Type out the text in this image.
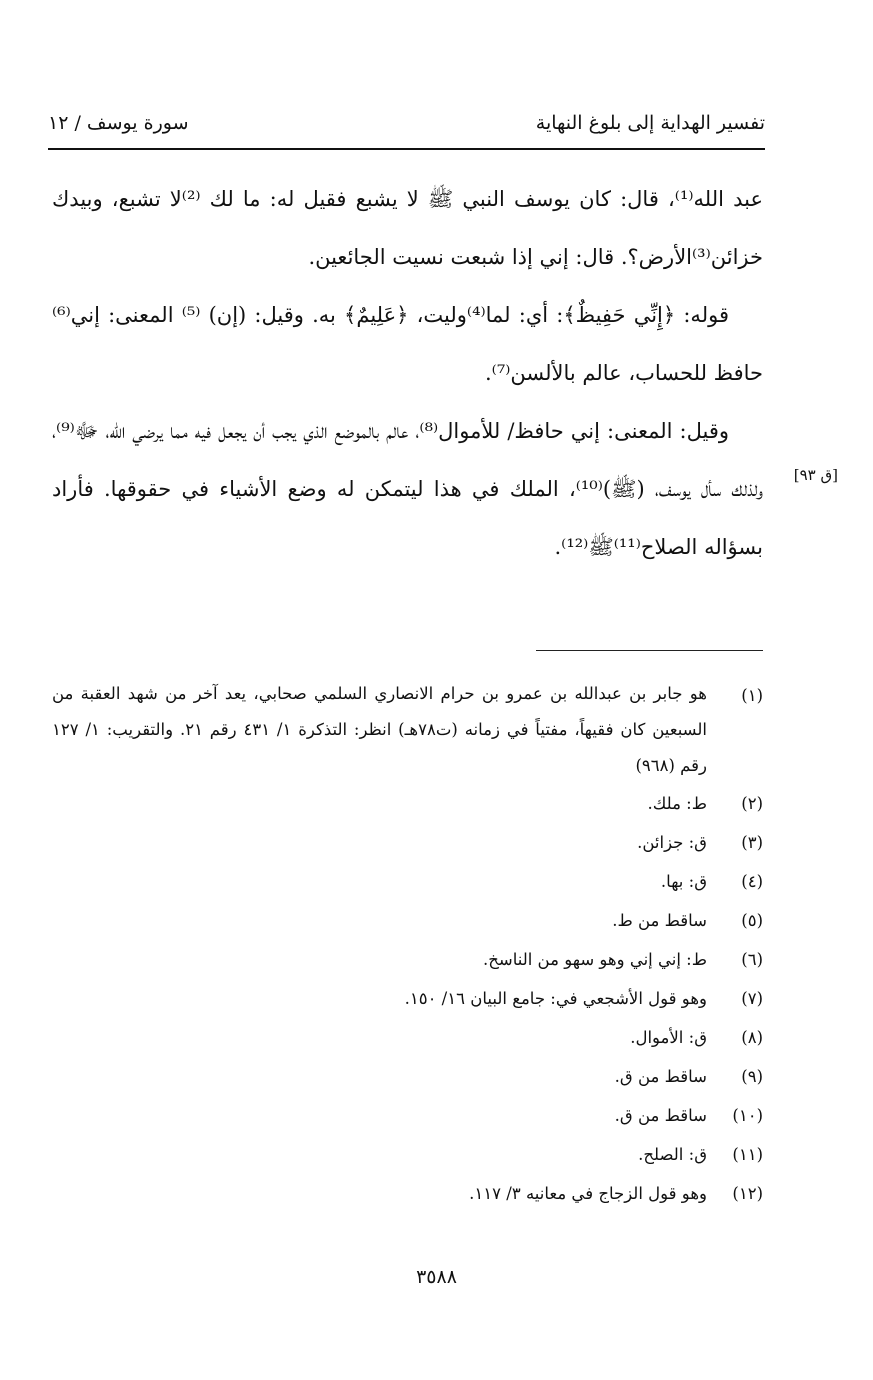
تفسير الهداية إلى بلوغ النهاية
سورة يوسف / ١٢

عبد الله⁽¹⁾، قال: كان يوسف النبي ﷺ لا يشبع فقيل له: ما لك ⁽²⁾لا تشبع، وبيدك خزائن⁽³⁾الأرض؟. قال: إني إذا شبعت نسيت الجائعين.

قوله: ﴿إِنِّي حَفِيظٌ﴾: أي: لما⁽⁴⁾وليت، ﴿عَلِيمٌ﴾ به. وقيل: (إن) ⁽⁵⁾ المعنى: إني⁽⁶⁾ حافظ للحساب، عالم بالألسن⁽⁷⁾.

وقيل: المعنى: إني حافظ/ للأموال⁽⁸⁾، عالم بالموضع الذي يجب أن يجعل فيه مما يرضي الله، ﷻ⁽⁹⁾، ولذلك سأل يوسف، (ﷺ)⁽¹⁰⁾، الملك في هذا ليتمكن له وضع الأشياء في حقوقها. فأراد بسؤاله الصلاح⁽¹¹⁾ﷺ⁽¹²⁾.

[ق ٩٣]
(١)
هو جابر بن عبدالله بن عمرو بن حرام الانصاري السلمي صحابي، يعد آخر من شهد العقبة من السبعين كان فقيهاً، مفتياً في زمانه (ت٧٨هـ) انظر: التذكرة ١/ ٤٣١ رقم ٢١. والتقريب: ١/ ١٢٧ رقم (٩٦٨)
(٢)
ط: ملك.
(٣)
ق: جزائن.
(٤)
ق: بها.
(٥)
ساقط من ط.
(٦)
ط: إني إني وهو سهو من الناسخ.
(٧)
وهو قول الأشجعي في: جامع البيان ١٦/ ١٥٠.
(٨)
ق: الأموال.
(٩)
ساقط من ق.
(١٠)
ساقط من ق.
(١١)
ق: الصلح.
(١٢)
وهو قول الزجاج في معانيه ٣/ ١١٧.
٣٥٨٨
